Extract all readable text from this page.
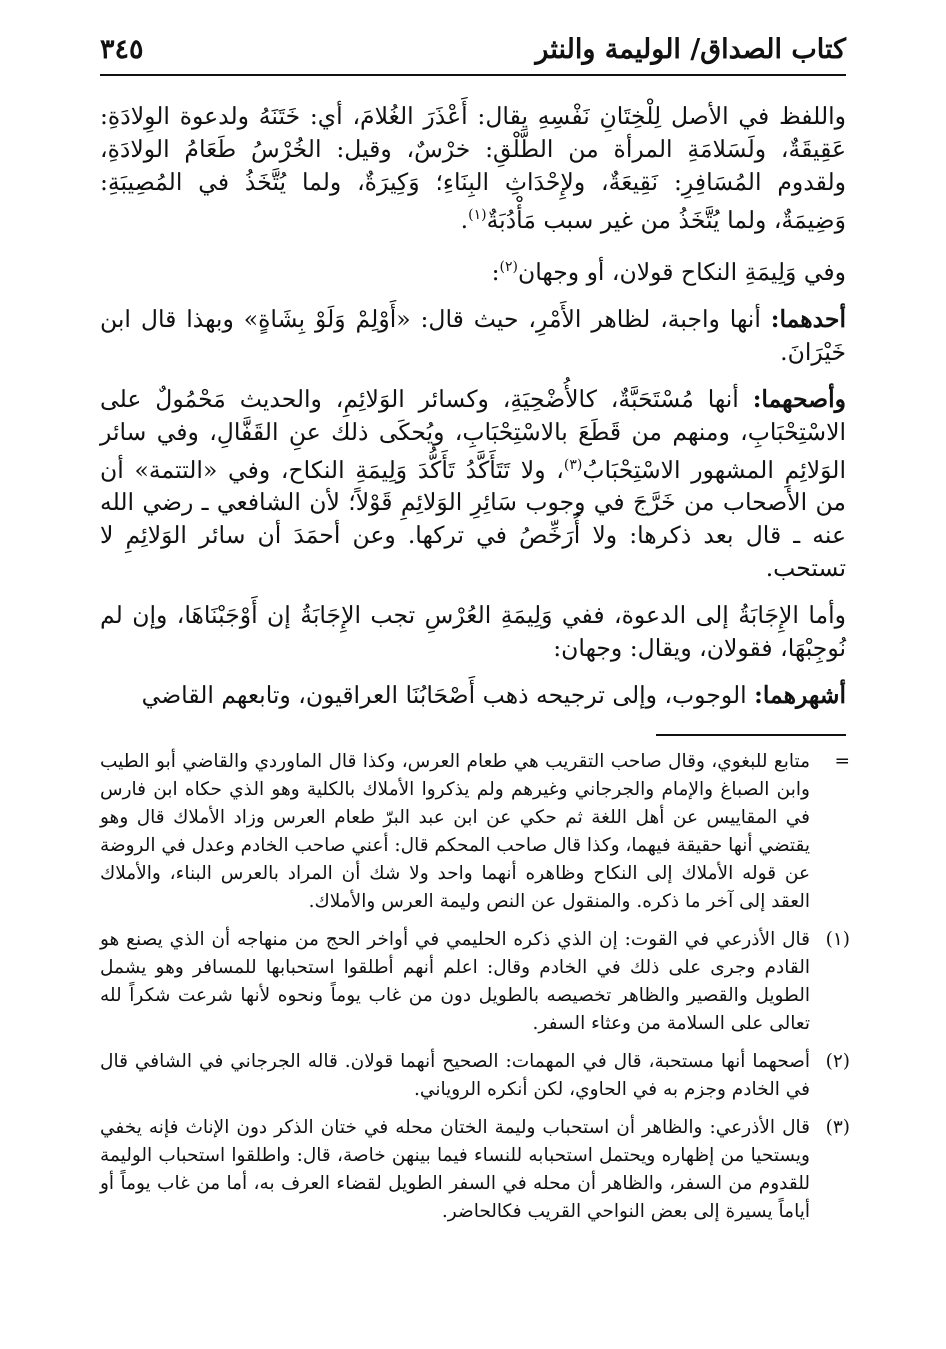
كتاب الصداق/ الوليمة والنثر
٣٤٥

واللفظ في الأصل لِلْخِتَانِ نَفْسِهِ يقال: أَعْذَرَ الغُلامَ، أي: خَتَنَهُ ولدعوة الوِلادَةِ: عَقِيقَةٌ، ولَسَلامَةِ المرأة من الطَّلْقِ: خرْسٌ، وقيل: الخُرْسُ طَعَامُ الولادَةِ، ولقدوم المُسَافِرِ: نَقِيعَةٌ، ولإِحْدَاثِ البِنَاءِ؛ وَكِيرَةٌ، ولما يُتَّخَذُ في المُصِيبَةِ: وَضِيمَةٌ، ولما يُتَّخَذُ من غير سبب مَأْدُبَةٌ$^{(١)}$.

وفي وَلِيمَةِ النكاح قولان، أو وجهان$^{(٢)}$:

أحدهما: أنها واجبة، لظاهر الأَمْرِ، حيث قال: «أَوْلِمْ وَلَوْ بِشَاةٍ» وبهذا قال ابن خَيْرَانَ.

وأصحهما: أنها مُسْتَحَبَّةٌ، كالأُضْحِيَةِ، وكسائر الوَلائِمِ، والحديث مَحْمُولٌ على الاسْتِحْبَابِ، ومنهم من قَطَعَ بالاسْتِحْبَابِ، ويُحكَى ذلك عنِ القَفَّالِ، وفي سائر الوَلائِمِ المشهور الاسْتِحْبَابُ$^{(٣)}$، ولا تَتَأَكَّدُ تَأَكُّدَ وَلِيمَةِ النكاح، وفي «التتمة» أن من الأصحاب من خَرَّجَ في وجوب سَائِرِ الوَلائِمِ قَوْلاً؛ لأن الشافعي ـ رضي الله عنه ـ قال بعد ذكرها: ولا أُرَخِّصُ في تركها. وعن أحمَدَ أن سائر الوَلائِمِ لا تستحب.

وأما الإِجَابَةُ إلى الدعوة، ففي وَلِيمَةِ العُرْسِ تجب الإِجَابَةُ إن أَوْجَبْنَاهَا، وإن لم نُوجِبْهَا، فقولان، ويقال: وجهان:

أشهرهما: الوجوب، وإلى ترجيحه ذهب أَصْحَابُنَا العراقيون، وتابعهم القاضي

=
متابع للبغوي، وقال صاحب التقريب هي طعام العرس، وكذا قال الماوردي والقاضي أبو الطيب وابن الصباغ والإمام والجرجاني وغيرهم ولم يذكروا الأملاك بالكلية وهو الذي حكاه ابن فارس في المقاييس عن أهل اللغة ثم حكي عن ابن عبد البرّ طعام العرس وزاد الأملاك قال وهو يقتضي أنها حقيقة فيهما، وكذا قال صاحب المحكم قال: أعني صاحب الخادم وعدل في الروضة عن قوله الأملاك إلى النكاح وظاهره أنهما واحد ولا شك أن المراد بالعرس البناء، والأملاك العقد إلى آخر ما ذكره. والمنقول عن النص وليمة العرس والأملاك.
(١)
قال الأذرعي في القوت: إن الذي ذكره الحليمي في أواخر الحج من منهاجه أن الذي يصنع هو القادم وجرى على ذلك في الخادم وقال: اعلم أنهم أطلقوا استحبابها للمسافر وهو يشمل الطويل والقصير والظاهر تخصيصه بالطويل دون من غاب يوماً ونحوه لأنها شرعت شكراً لله تعالى على السلامة من وعثاء السفر.
(٢)
أصحهما أنها مستحبة، قال في المهمات: الصحيح أنهما قولان. قاله الجرجاني في الشافي قال في الخادم وجزم به في الحاوي، لكن أنكره الروياني.
(٣)
قال الأذرعي: والظاهر أن استحباب وليمة الختان محله في ختان الذكر دون الإناث فإنه يخفي ويستحيا من إظهاره ويحتمل استحبابه للنساء فيما بينهن خاصة، قال: واطلقوا استحباب الوليمة للقدوم من السفر، والظاهر أن محله في السفر الطويل لقضاء العرف به، أما من غاب يوماً أو أياماً يسيرة إلى بعض النواحي القريب فكالحاضر.
